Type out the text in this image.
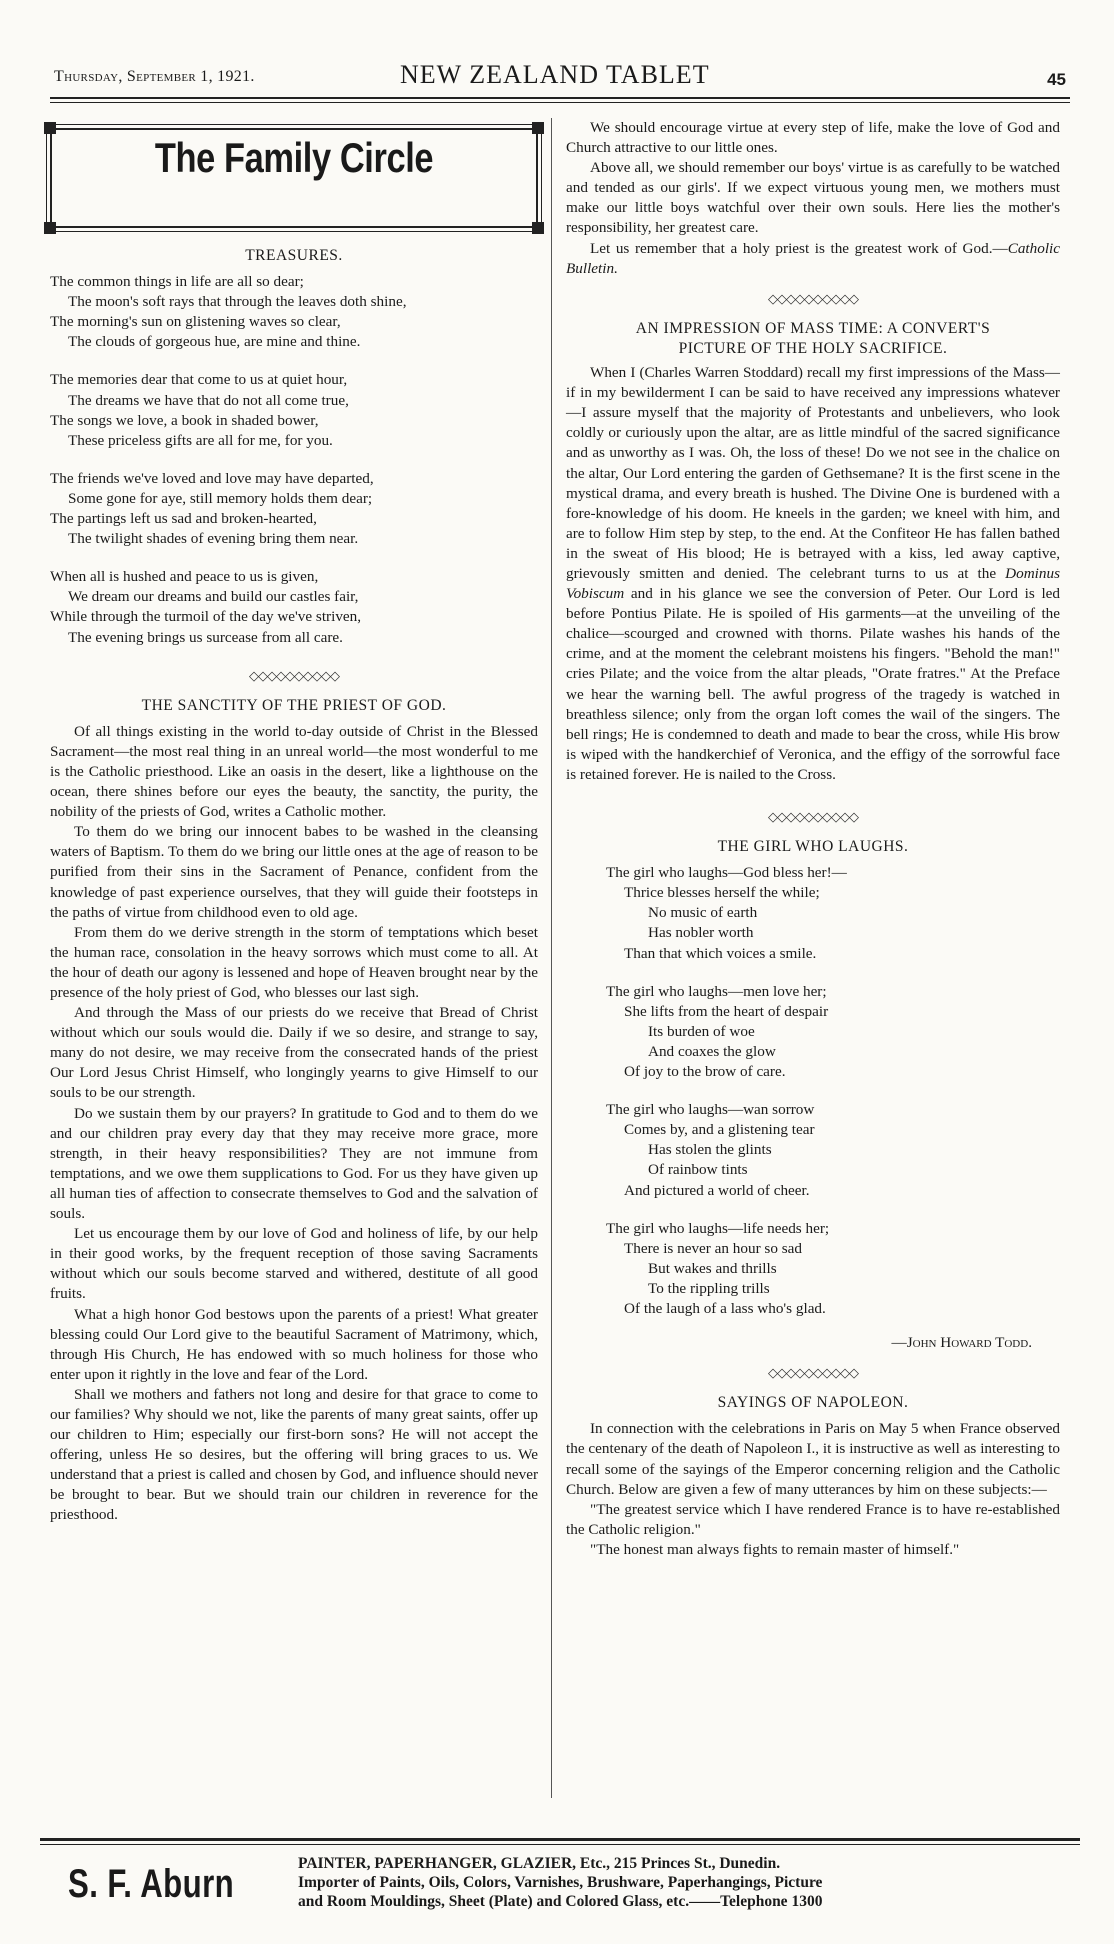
Thursday, September 1, 1921.	NEW ZEALAND TABLET	45
The Family Circle
TREASURES.
The common things in life are all so dear;
The moon's soft rays that through the leaves doth shine,
The morning's sun on glistening waves so clear,
The clouds of gorgeous hue, are mine and thine.
The memories dear that come to us at quiet hour,
The dreams we have that do not all come true,
The songs we love, a book in shaded bower,
These priceless gifts are all for me, for you.
The friends we've loved and love may have departed,
Some gone for aye, still memory holds them dear;
The partings left us sad and broken-hearted,
The twilight shades of evening bring them near.
When all is hushed and peace to us is given,
We dream our dreams and build our castles fair,
While through the turmoil of the day we've striven,
The evening brings us surcease from all care.
◇◇◇◇◇◇◇◇◇◇
THE SANCTITY OF THE PRIEST OF GOD.

Of all things existing in the world to-day outside of Christ in the Blessed Sacrament—the most real thing in an unreal world—the most wonderful to me is the Catholic priesthood. Like an oasis in the desert, like a lighthouse on the ocean, there shines before our eyes the beauty, the sanctity, the purity, the nobility of the priests of God, writes a Catholic mother.

To them do we bring our innocent babes to be washed in the cleansing waters of Baptism. To them do we bring our little ones at the age of reason to be purified from their sins in the Sacrament of Penance, confident from the knowledge of past experience ourselves, that they will guide their footsteps in the paths of virtue from childhood even to old age.

From them do we derive strength in the storm of temptations which beset the human race, consolation in the heavy sorrows which must come to all. At the hour of death our agony is lessened and hope of Heaven brought near by the presence of the holy priest of God, who blesses our last sigh.

And through the Mass of our priests do we receive that Bread of Christ without which our souls would die. Daily if we so desire, and strange to say, many do not desire, we may receive from the consecrated hands of the priest Our Lord Jesus Christ Himself, who longingly yearns to give Himself to our souls to be our strength.

Do we sustain them by our prayers? In gratitude to God and to them do we and our children pray every day that they may receive more grace, more strength, in their heavy responsibilities? They are not immune from temptations, and we owe them supplications to God. For us they have given up all human ties of affection to consecrate themselves to God and the salvation of souls.

Let us encourage them by our love of God and holiness of life, by our help in their good works, by the frequent reception of those saving Sacraments without which our souls become starved and withered, destitute of all good fruits.

What a high honor God bestows upon the parents of a priest! What greater blessing could Our Lord give to the beautiful Sacrament of Matrimony, which, through His Church, He has endowed with so much holiness for those who enter upon it rightly in the love and fear of the Lord.

Shall we mothers and fathers not long and desire for that grace to come to our families? Why should we not, like the parents of many great saints, offer up our children to Him; especially our first-born sons? He will not accept the offering, unless He so desires, but the offering will bring graces to us. We understand that a priest is called and chosen by God, and influence should never be brought to bear. But we should train our children in reverence for the priesthood.

We should encourage virtue at every step of life, make the love of God and Church attractive to our little ones.

Above all, we should remember our boys' virtue is as carefully to be watched and tended as our girls'. If we expect virtuous young men, we mothers must make our little boys watchful over their own souls. Here lies the mother's responsibility, her greatest care.

Let us remember that a holy priest is the greatest work of God.—Catholic Bulletin.

◇◇◇◇◇◇◇◇◇◇
AN IMPRESSION OF MASS TIME: A CONVERT'S
PICTURE OF THE HOLY SACRIFICE.

When I (Charles Warren Stoddard) recall my first impressions of the Mass—if in my bewilderment I can be said to have received any impressions whatever—I assure myself that the majority of Protestants and unbelievers, who look coldly or curiously upon the altar, are as little mindful of the sacred significance and as unworthy as I was. Oh, the loss of these! Do we not see in the chalice on the altar, Our Lord entering the garden of Gethsemane? It is the first scene in the mystical drama, and every breath is hushed. The Divine One is burdened with a fore-knowledge of his doom. He kneels in the garden; we kneel with him, and are to follow Him step by step, to the end. At the Confiteor He has fallen bathed in the sweat of His blood; He is betrayed with a kiss, led away captive, grievously smitten and denied. The celebrant turns to us at the Dominus Vobiscum and in his glance we see the conversion of Peter. Our Lord is led before Pontius Pilate. He is spoiled of His garments—at the unveiling of the chalice—scourged and crowned with thorns. Pilate washes his hands of the crime, and at the moment the celebrant moistens his fingers. "Behold the man!" cries Pilate; and the voice from the altar pleads, "Orate fratres." At the Preface we hear the warning bell. The awful progress of the tragedy is watched in breathless silence; only from the organ loft comes the wail of the singers. The bell rings; He is condemned to death and made to bear the cross, while His brow is wiped with the handkerchief of Veronica, and the effigy of the sorrowful face is retained forever. He is nailed to the Cross.

◇◇◇◇◇◇◇◇◇◇
THE GIRL WHO LAUGHS.
The girl who laughs—God bless her!—
Thrice blesses herself the while;
No music of earth
Has nobler worth
Than that which voices a smile.
The girl who laughs—men love her;
She lifts from the heart of despair
Its burden of woe
And coaxes the glow
Of joy to the brow of care.
The girl who laughs—wan sorrow
Comes by, and a glistening tear
Has stolen the glints
Of rainbow tints
And pictured a world of cheer.
The girl who laughs—life needs her;
There is never an hour so sad
But wakes and thrills
To the rippling trills
Of the laugh of a lass who's glad.
—John Howard Todd.
◇◇◇◇◇◇◇◇◇◇
SAYINGS OF NAPOLEON.

In connection with the celebrations in Paris on May 5 when France observed the centenary of the death of Napoleon I., it is instructive as well as interesting to recall some of the sayings of the Emperor concerning religion and the Catholic Church. Below are given a few of many utterances by him on these subjects:—

"The greatest service which I have rendered France is to have re-established the Catholic religion."

"The honest man always fights to remain master of himself."

S. F. Aburn	PAINTER, PAPERHANGER, GLAZIER, Etc., 215 Princes St., Dunedin.
Importer of Paints, Oils, Colors, Varnishes, Brushware, Paperhangings, Picture
and Room Mouldings, Sheet (Plate) and Colored Glass, etc.——Telephone 1300
